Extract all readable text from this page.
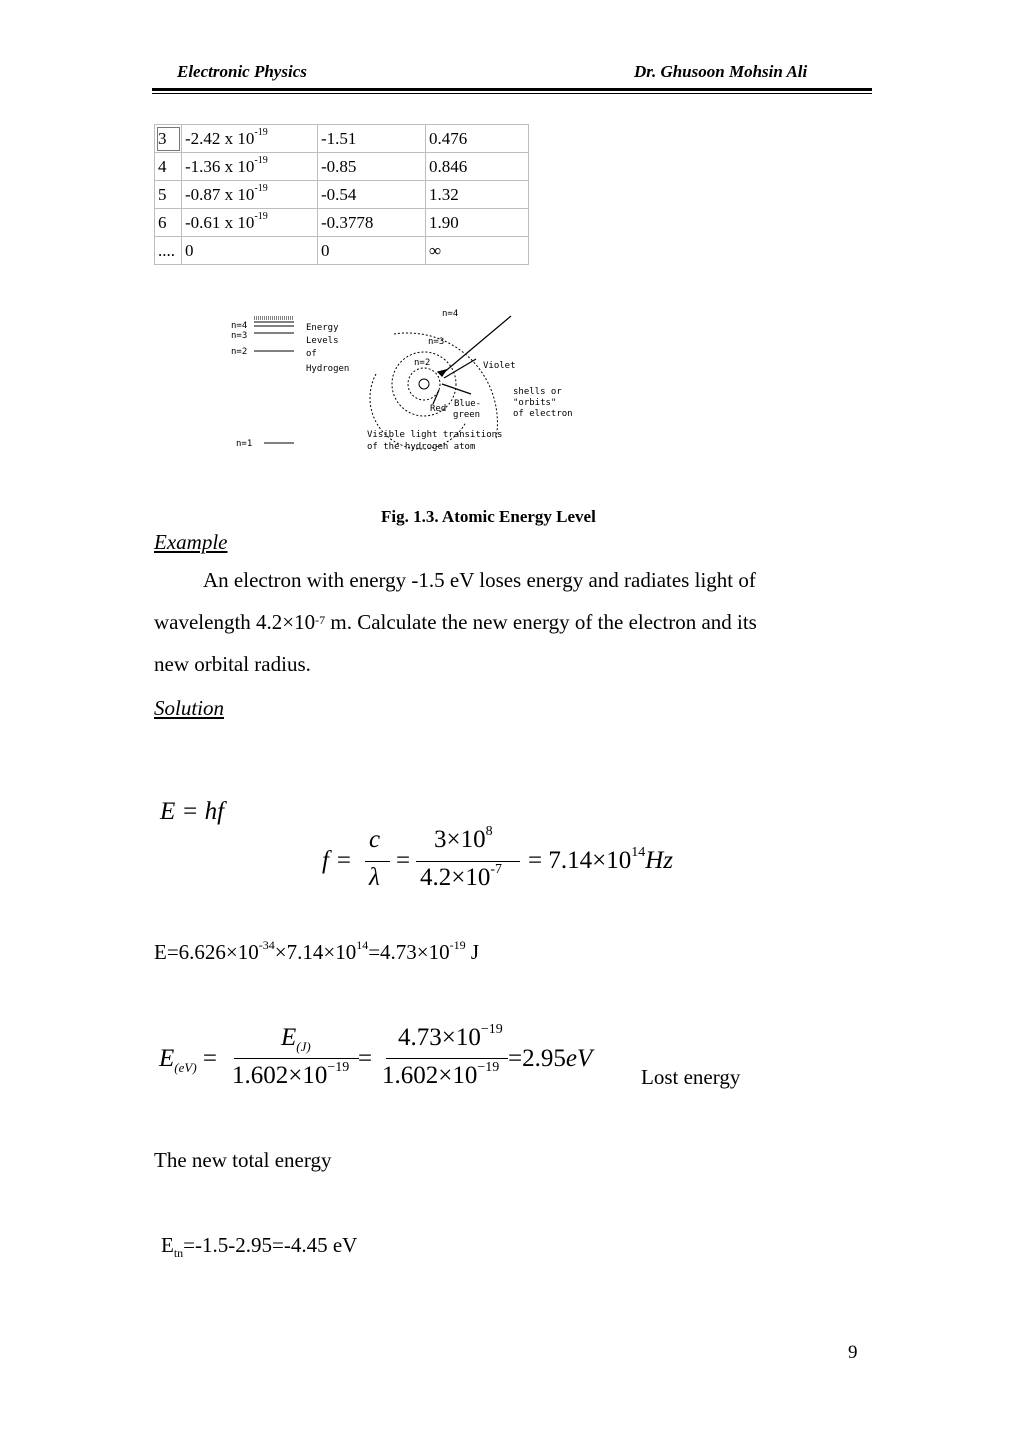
Electronic Physics	Dr. Ghusoon Mohsin Ali
3	-2.42 x $10^{-19}$	-1.51	0.476
4	-1.36 x $10^{-19}$	-0.85	0.846
5	-0.87 x $10^{-19}$	-0.54	1.32
6	-0.61 x $10^{-19}$	-0.3778	1.90
....	0	0	∞
n=4
n=3
n=2
n=1
Energy
Levels
of
Hydrogen
n=4
n=3
n=2	Violet
Blue-
green
Red
shells or
"orbits"
of electron
Visible light transitions
of the hydrogen atom
Fig. 1.3. Atomic Energy Level
Example
An electron with energy -1.5 eV loses energy and radiates light of
wavelength $4.2\times 10^{-7}$ m. Calculate the new energy of the electron and its
new orbital radius.
Solution
E = hf
f =
c
λ
=
$3\times 10^8$
$4.2\times 10^{-7} = 7.14\times 10^{14}Hz$
$E=6.626\times 10^{-34}\times 7.14\times 10^{14}=4.73\times 10^{-19}$ J
$E_{(eV)}$ =
$E_{(J)}$
$1.602\times 10^{-19}$ =
$4.73\times 10^{-19}$
$1.602\times 10^{-19} =2.95eV$
Lost energy
The new total energy
$E_{tn}=-1.5-2.95=-4.45$ eV
9
